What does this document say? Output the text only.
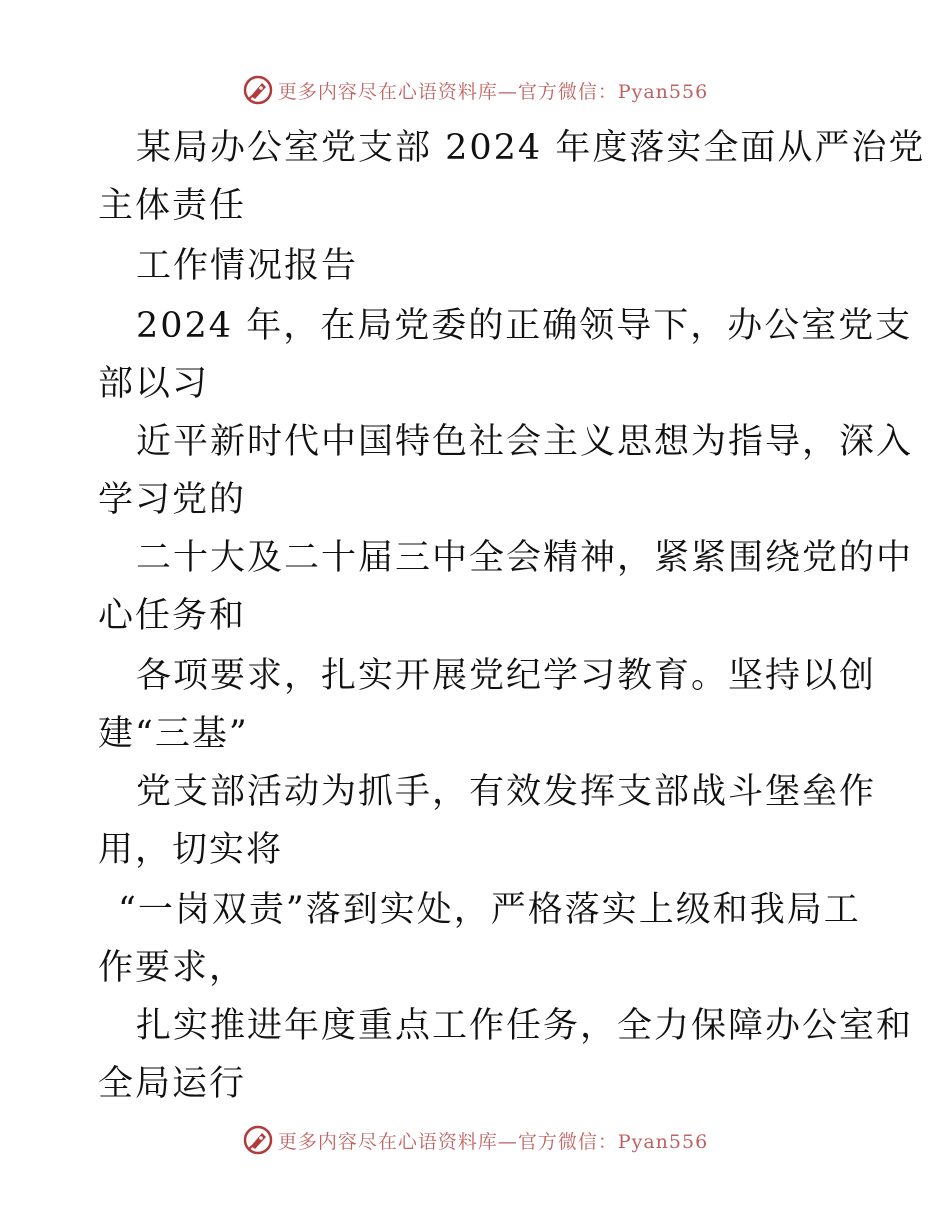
更多内容尽在心语资料库—官方微信：Pyan556
某局办公室党支部 2024 年度落实全面从严治党
主体责任
工作情况报告
2024 年，在局党委的正确领导下，办公室党支
部以习
近平新时代中国特色社会主义思想为指导，深入
学习党的
二十大及二十届三中全会精神，紧紧围绕党的中
心任务和
各项要求，扎实开展党纪学习教育。坚持以创
建“三基”
党支部活动为抓手，有效发挥支部战斗堡垒作
用，切实将
“一岗双责”落到实处，严格落实上级和我局工
作要求，
扎实推进年度重点工作任务，全力保障办公室和
全局运行
更多内容尽在心语资料库—官方微信：Pyan556
